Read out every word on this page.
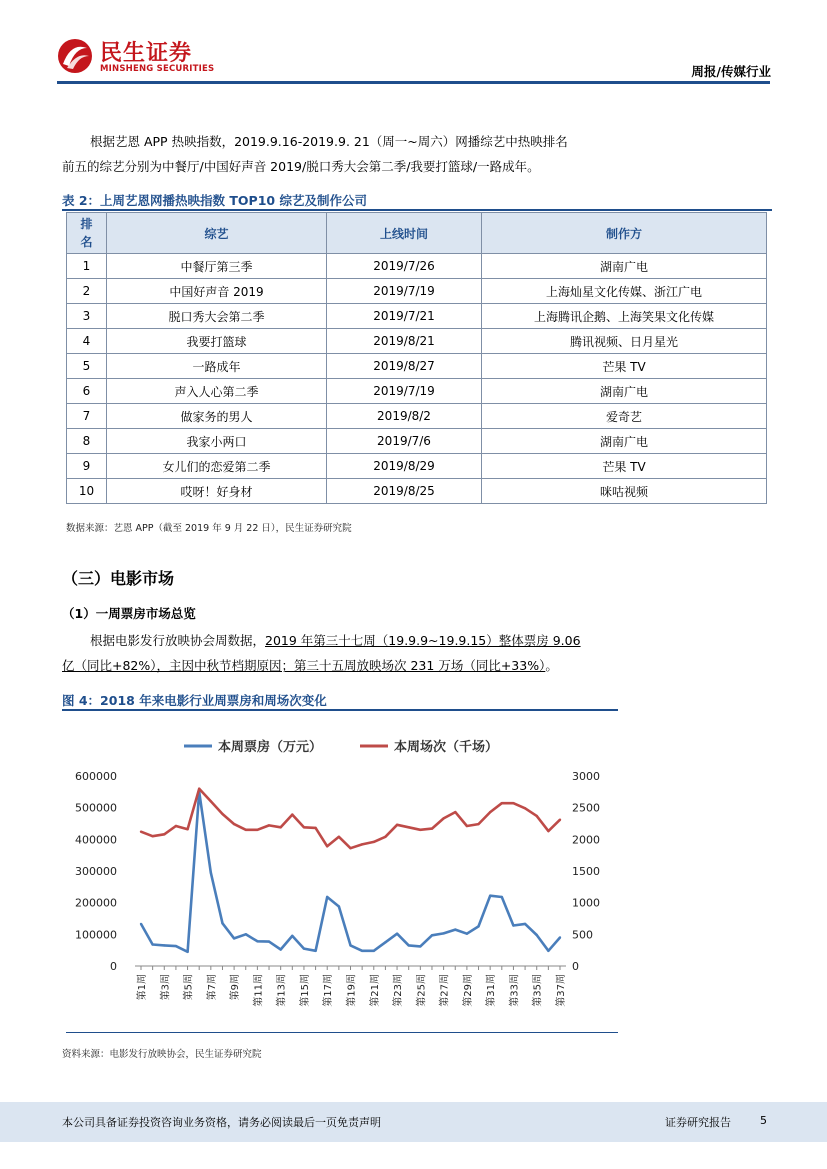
民生证券
MINSHENG SECURITIES	周报/传媒行业
根据艺恩 APP 热映指数，2019.9.16-2019.9. 21（周一~周六）网播综艺中热映排名
前五的综艺分别为中餐厅/中国好声音 2019/脱口秀大会第二季/我要打篮球/一路成年。
表 2：上周艺恩网播热映指数 TOP10 综艺及制作公司
排
名	综艺	上线时间	制作方
1	中餐厅第三季	2019/7/26	湖南广电
2	中国好声音 2019	2019/7/19	上海灿星文化传媒、浙江广电
3	脱口秀大会第二季	2019/7/21	上海腾讯企鹅、上海笑果文化传媒
4	我要打篮球	2019/8/21	腾讯视频、日月星光
5	一路成年	2019/8/27	芒果 TV
6	声入人心第二季	2019/7/19	湖南广电
7	做家务的男人	2019/8/2	爱奇艺
8	我家小两口	2019/7/6	湖南广电
9	女儿们的恋爱第二季	2019/8/29	芒果 TV
10	哎呀！好身材	2019/8/25	咪咕视频
数据来源：艺恩 APP（截至 2019 年 9 月 22 日），民生证券研究院
（三）电影市场
（1）一周票房市场总览
根据电影发行放映协会周数据，2019 年第三十七周（19.9.9~19.9.15）整体票房 9.06
亿（同比+82%），主因中秋节档期原因；第三十五周放映场次 231 万场（同比+33%）。
图 4：2018 年来电影行业周票房和周场次变化
本周票房（万元）	本周场次（千场）
0
100000
200000
300000
400000
500000
600000
0
500
1000
1500
2000
2500
3000
第1周 第3周 第5周 第7周 第9周 第11周 第13周 第15周 第17周 第19周 第21周 第23周 第25周 第27周 第29周 第31周 第33周 第35周 第37周
资料来源：电影发行放映协会，民生证券研究院
本公司具备证券投资咨询业务资格，请务必阅读最后一页免责声明	证券研究报告	5
